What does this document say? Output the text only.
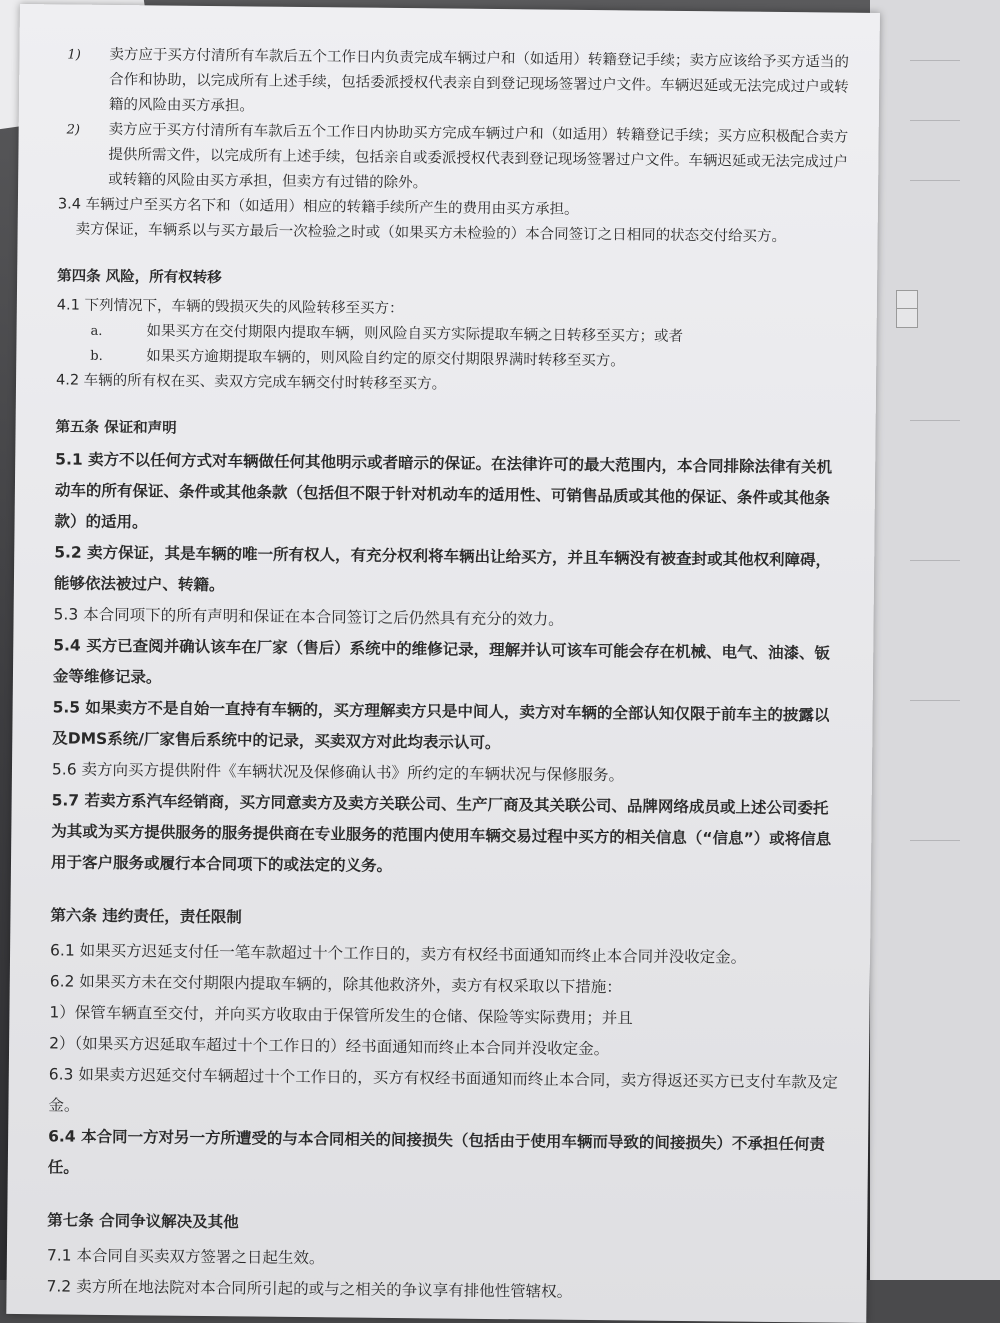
1)	卖方应于买方付清所有车款后五个工作日内负责完成车辆过户和（如适用）转籍登记手续；卖方应该给予买方适当的合作和协助，以完成所有上述手续，包括委派授权代表亲自到登记现场签署过户文件。车辆迟延或无法完成过户或转籍的风险由买方承担。
2)	卖方应于买方付清所有车款后五个工作日内协助买方完成车辆过户和（如适用）转籍登记手续；买方应积极配合卖方提供所需文件，以完成所有上述手续，包括亲自或委派授权代表到登记现场签署过户文件。车辆迟延或无法完成过户或转籍的风险由买方承担，但卖方有过错的除外。

3.4 车辆过户至买方名下和（如适用）相应的转籍手续所产生的费用由买方承担。

卖方保证，车辆系以与买方最后一次检验之时或（如果买方未检验的）本合同签订之日相同的状态交付给买方。

第四条 风险，所有权转移

4.1 下列情况下，车辆的毁损灭失的风险转移至买方：

a.	如果买方在交付期限内提取车辆，则风险自买方实际提取车辆之日转移至买方；或者
b.	如果买方逾期提取车辆的，则风险自约定的原交付期限界满时转移至买方。

4.2 车辆的所有权在买、卖双方完成车辆交付时转移至买方。

第五条 保证和声明

5.1 卖方不以任何方式对车辆做任何其他明示或者暗示的保证。在法律许可的最大范围内，本合同排除法律有关机动车的所有保证、条件或其他条款（包括但不限于针对机动车的适用性、可销售品质或其他的保证、条件或其他条款）的适用。

5.2 卖方保证，其是车辆的唯一所有权人，有充分权利将车辆出让给买方，并且车辆没有被查封或其他权利障碍，能够依法被过户、转籍。

5.3 本合同项下的所有声明和保证在本合同签订之后仍然具有充分的效力。

5.4 买方已查阅并确认该车在厂家（售后）系统中的维修记录，理解并认可该车可能会存在机械、电气、油漆、钣金等维修记录。

5.5 如果卖方不是自始一直持有车辆的，买方理解卖方只是中间人，卖方对车辆的全部认知仅限于前车主的披露以及DMS系统/厂家售后系统中的记录，买卖双方对此均表示认可。

5.6 卖方向买方提供附件《车辆状况及保修确认书》所约定的车辆状况与保修服务。

5.7 若卖方系汽车经销商，买方同意卖方及卖方关联公司、生产厂商及其关联公司、品牌网络成员或上述公司委托为其或为买方提供服务的服务提供商在专业服务的范围内使用车辆交易过程中买方的相关信息（“信息”）或将信息用于客户服务或履行本合同项下的或法定的义务。

第六条 违约责任，责任限制

6.1 如果买方迟延支付任一笔车款超过十个工作日的，卖方有权经书面通知而终止本合同并没收定金。

6.2 如果买方未在交付期限内提取车辆的，除其他救济外，卖方有权采取以下措施：

1）保管车辆直至交付，并向买方收取由于保管所发生的仓储、保险等实际费用；并且

2）（如果买方迟延取车超过十个工作日的）经书面通知而终止本合同并没收定金。

6.3 如果卖方迟延交付车辆超过十个工作日的，买方有权经书面通知而终止本合同，卖方得返还买方已支付车款及定金。

6.4 本合同一方对另一方所遭受的与本合同相关的间接损失（包括由于使用车辆而导致的间接损失）不承担任何责任。

第七条 合同争议解决及其他

7.1 本合同自买卖双方签署之日起生效。

7.2 卖方所在地法院对本合同所引起的或与之相关的争议享有排他性管辖权。
